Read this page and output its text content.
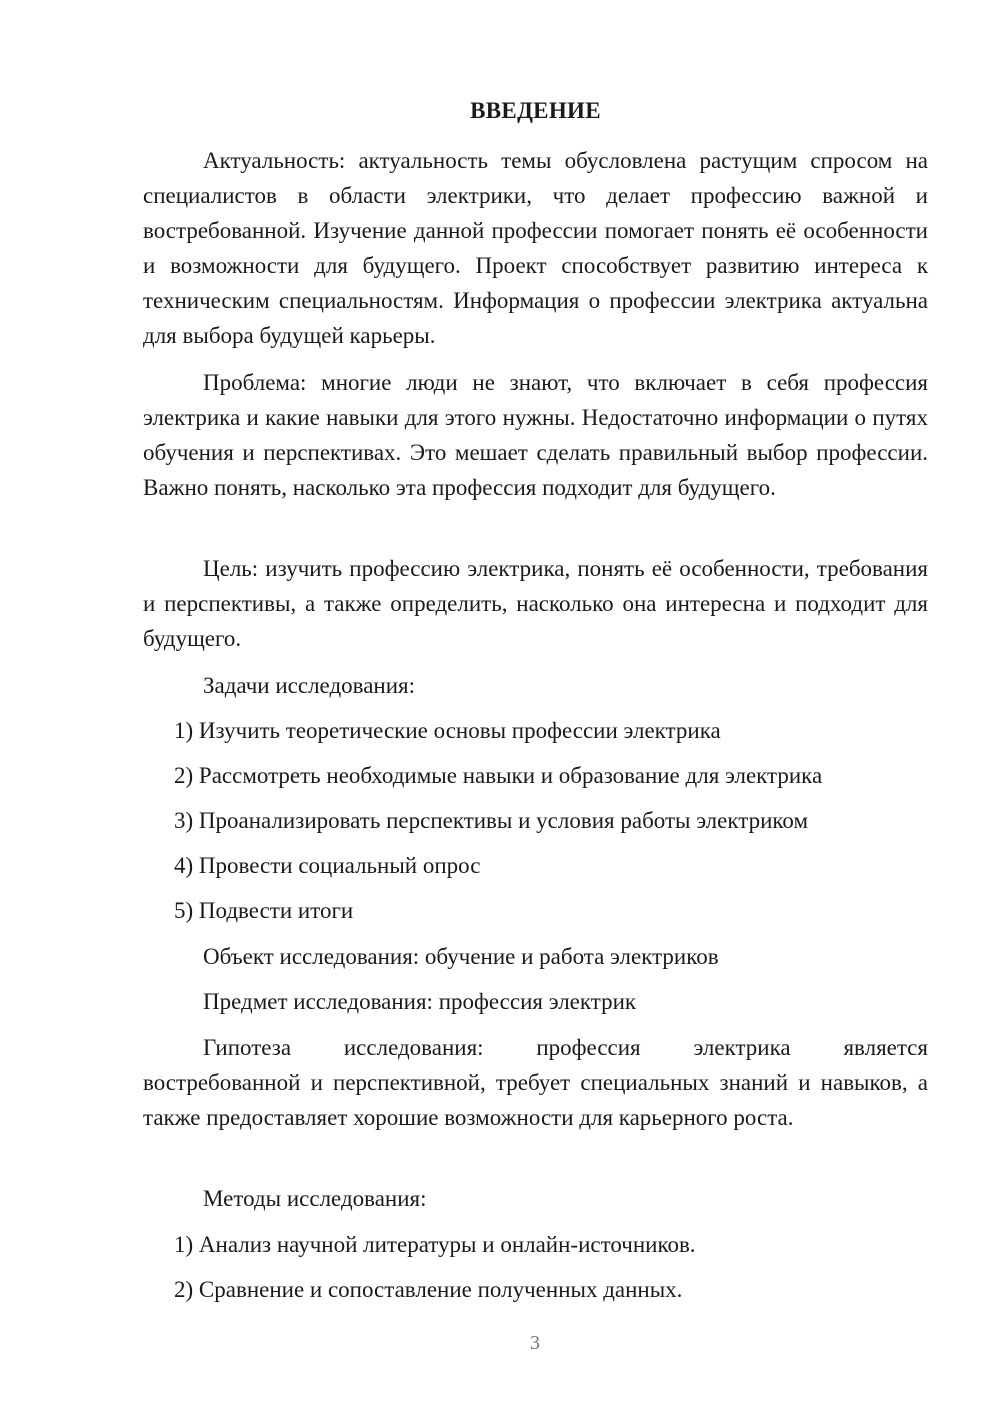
ВВЕДЕНИЕ

Актуальность: актуальность темы обусловлена растущим спросом на специалистов в области электрики, что делает профессию важной и востребованной. Изучение данной профессии помогает понять её особенности и возможности для будущего. Проект способствует развитию интереса к техническим специальностям. Информация о профессии электрика актуальна для выбора будущей карьеры.

Проблема: многие люди не знают, что включает в себя профессия электрика и какие навыки для этого нужны. Недостаточно информации о путях обучения и перспективах. Это мешает сделать правильный выбор профессии. Важно понять, насколько эта профессия подходит для будущего.

Цель: изучить профессию электрика, понять её особенности, требования и перспективы, а также определить, насколько она интересна и подходит для будущего.

Задачи исследования:

1) Изучить теоретические основы профессии электрика

2) Рассмотреть необходимые навыки и образование для электрика

3) Проанализировать перспективы и условия работы электриком

4) Провести социальный опрос

5) Подвести итоги

Объект исследования: обучение и работа электриков

Предмет исследования: профессия электрик

Гипотеза исследования: профессия электрика является

востребованной и перспективной, требует специальных знаний и навыков, а также предоставляет хорошие возможности для карьерного роста.

Методы исследования:

1) Анализ научной литературы и онлайн-источников.

2) Сравнение и сопоставление полученных данных.

3
